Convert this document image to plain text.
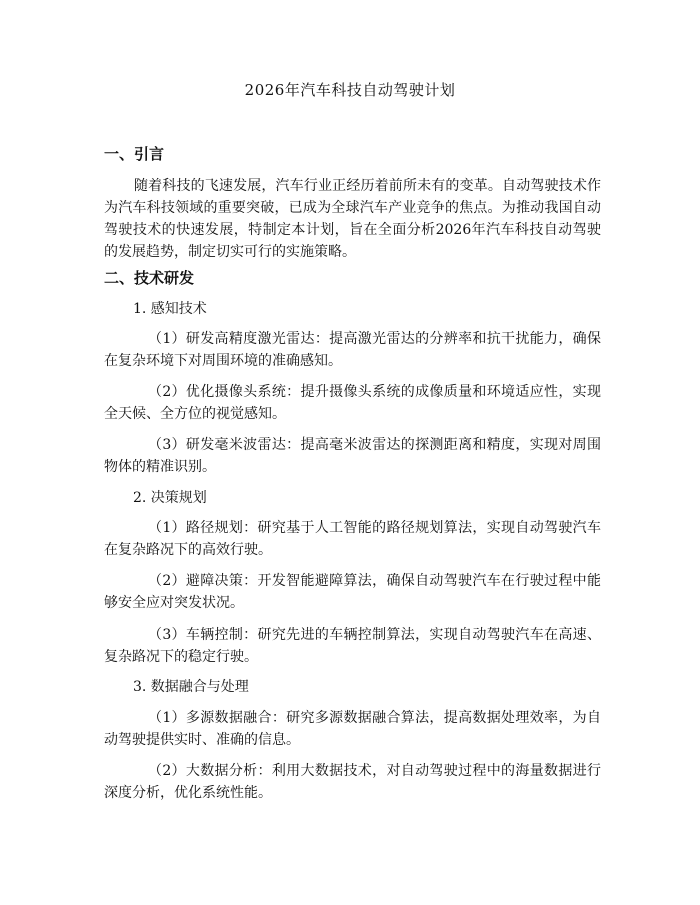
2026年汽车科技自动驾驶计划
一、引言

随着科技的飞速发展，汽车行业正经历着前所未有的变革。自动驾驶技术作为汽车科技领域的重要突破，已成为全球汽车产业竞争的焦点。为推动我国自动驾驶技术的快速发展，特制定本计划，旨在全面分析2026年汽车科技自动驾驶的发展趋势，制定切实可行的实施策略。

二、技术研发
1. 感知技术

（1）研发高精度激光雷达：提高激光雷达的分辨率和抗干扰能力，确保在复杂环境下对周围环境的准确感知。

（2）优化摄像头系统：提升摄像头系统的成像质量和环境适应性，实现全天候、全方位的视觉感知。

（3）研发毫米波雷达：提高毫米波雷达的探测距离和精度，实现对周围物体的精准识别。

2. 决策规划

（1）路径规划：研究基于人工智能的路径规划算法，实现自动驾驶汽车在复杂路况下的高效行驶。

（2）避障决策：开发智能避障算法，确保自动驾驶汽车在行驶过程中能够安全应对突发状况。

（3）车辆控制：研究先进的车辆控制算法，实现自动驾驶汽车在高速、复杂路况下的稳定行驶。

3. 数据融合与处理

（1）多源数据融合：研究多源数据融合算法，提高数据处理效率，为自动驾驶提供实时、准确的信息。

（2）大数据分析：利用大数据技术，对自动驾驶过程中的海量数据进行深度分析，优化系统性能。
